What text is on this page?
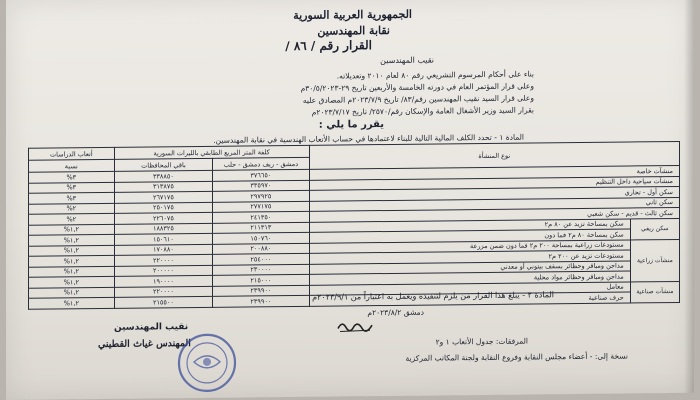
الجمهورية العربية السورية
نقابة المهندسين
القرار رقم / ٨٦ /
نقيب المهندسين
بناء على أحكام المرسوم التشريعي رقم ٨٠ لعام ٢٠١٠ وتعديلاته.
وعلى قرار المؤتمر العام في دورته الخامسة والأربعين تاريخ ٢٩-٣٠/٥/٢٠٢٣م
وعلى قرار السيد نقيب المهندسين رقم/٨٣/ تاريخ ٢٠٢٣/٧/٩م المصادق عليه
بقرار السيد وزير الأشغال العامة والإسكان رقم/٢٥٧٠/ تاريخ ٢٠٢٣/٧/١٧م
يقرر ما يلي :
المادة ١ - تحدد الكلف المالية التالية للبناء لاعتمادها في حساب الأتعاب الهندسية في نقابة المهندسين.
نوع المنشأة		كلفة المتر المربع الطابقي بالليرات السورية		أتعاب الدراسات
		دمشق - ريف دمشق - حلب	باقي المحافظات	نسبة
منشآت خاصة		٣٧٦٦٥٠	٣٣٨٨٥٠	٣%
منشآت سياحية داخل التنظيم		٣٣٥٩٧٠	٣١٣٨٧٥	٣%
سكن أول - تجاري		٢٩٧٩٢٥	٢٦٧١٧٥	٣%
سكن ثاني		٢٧٧١٧٥	٢٥٠١٧٥	٢%
سكن ثالث - قديم - سكن شعبي		٢٤١٣٥٠	٢٢٦٠٧٥	٢%
سكن ريفي	سكن بمساحة تزيد عن ٨٠ م٢	٢١١٣١٣	١٨٨٣٢٥	١,٢%
	سكن بمساحة ٨٠ م٢ فما دون	١٥٠٧٦٠	١٥٠٦١٠	١,٢%
منشآت زراعية	مستودعات زراعية بمساحة ٢٠٠ م٢ فما دون ضمن مزرعة	٢٠٠٨٨٠	١٧٠٨٨٠	١,٢%
	مستودعات تزيد عن ٢٠٠ م٢	٢٥٤٠٠٠	٢٢٠٠٠٠	١,٢%
	مداجن ومباقر وحظائر بسقف بيتوني أو معدني	٢٣٠٠٠٠	٢٠٠٠٠٠	١,٢%
	مداجن ومباقر وحظائر مواد محلية	٢١٥٠٠٠	١٩٠٠٠٠	١,٢%
منشآت صناعية	معامل	٢٣٩٩٠٠	٢٢٠٠٠٠	١,٢%
	حرف صناعية	٢٣٩٩٠٠	٢١٥٥٠٠	١,٢%
المادة ٢ - يبلغ هذا القرار من يلزم لتنفيذه ويعمل به اعتباراً من ٢٠٢٣/٩/١م
دمشق ٢٠٢٣/٨/٢م
المرفقات: جدول الأتعاب ١ و٢
نسخة إلى: - أعضاء مجلس النقابة وفروع النقابة ولجنة المكاتب المركزية
نقيب المهندسين
المهندس غياث القطيني
